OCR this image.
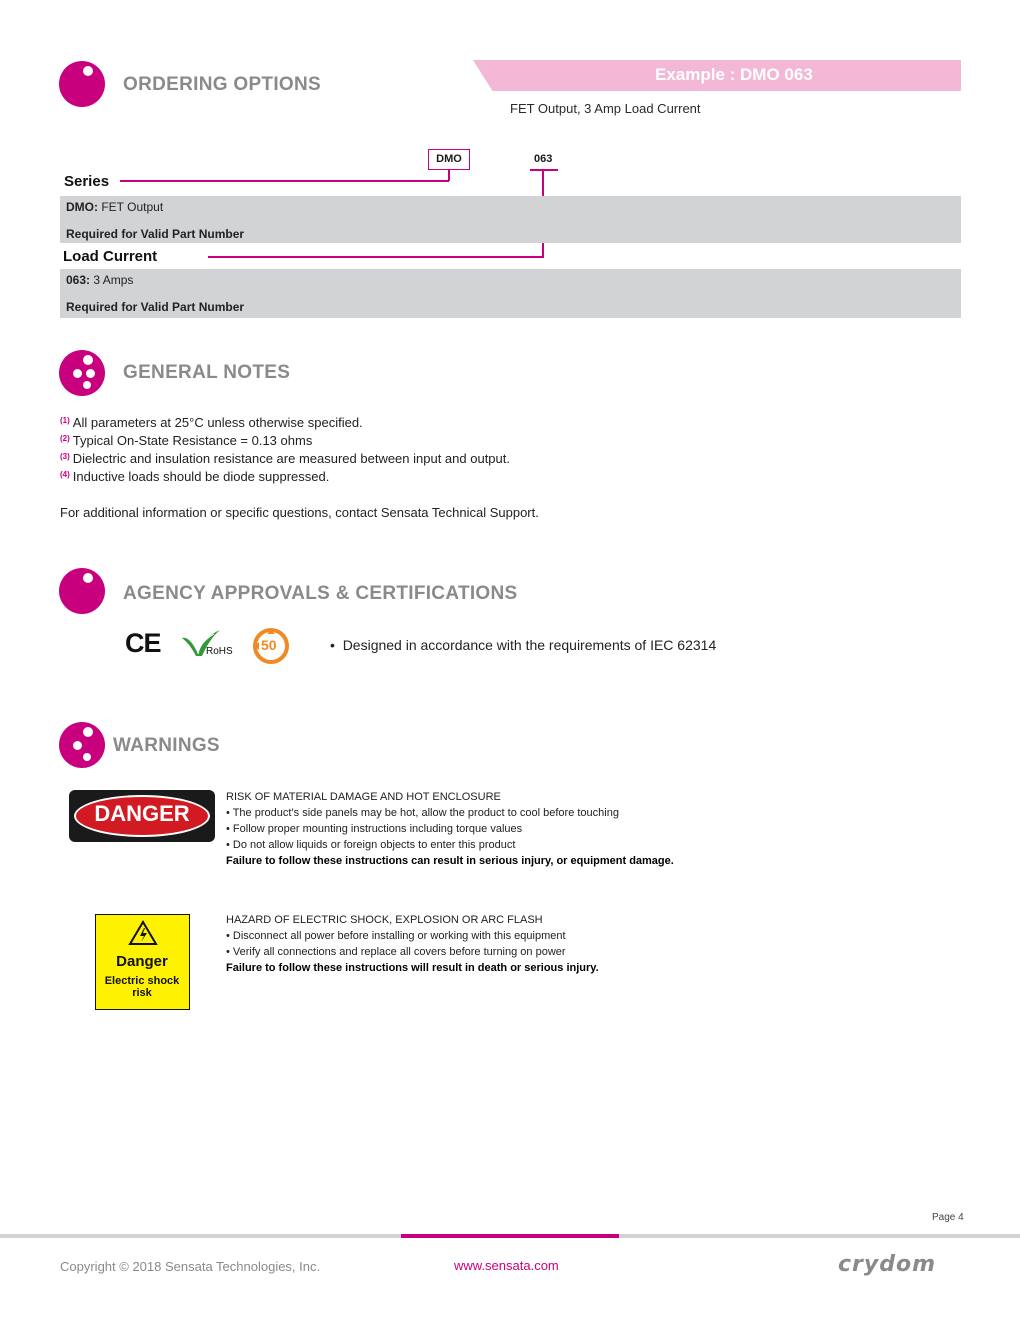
ORDERING OPTIONS	Example : DMO 063
FET Output, 3 Amp Load Current
DMO	063
Series
DMO: FET Output
Required for Valid Part Number
Load Current
063: 3 Amps
Required for Valid Part Number
GENERAL NOTES
$^{(1)}$ All parameters at 25°C unless otherwise specified.
$^{(2)}$ Typical On-State Resistance = 0.13 ohms
$^{(3)}$ Dielectric and insulation resistance are measured between input and output.
$^{(4)}$ Inductive loads should be diode suppressed.
For additional information or specific questions, contact Sensata Technical Support.
AGENCY APPROVALS & CERTIFICATIONS
CE	RoHS 50	• Designed in accordance with the requirements of IEC 62314
WARNINGS
DANGER
RISK OF MATERIAL DAMAGE AND HOT ENCLOSURE
• The product’s side panels may be hot, allow the product to cool before touching
• Follow proper mounting instructions including torque values
• Do not allow liquids or foreign objects to enter this product
Failure to follow these instructions can result in serious injury, or equipment damage.
Danger
Electric shock risk
HAZARD OF ELECTRIC SHOCK, EXPLOSION OR ARC FLASH
• Disconnect all power before installing or working with this equipment
• Verify all connections and replace all covers before turning on power
Failure to follow these instructions will result in death or serious injury.
Page 4
Copyright © 2018 Sensata Technologies, Inc.	www.sensata.com	crydom
